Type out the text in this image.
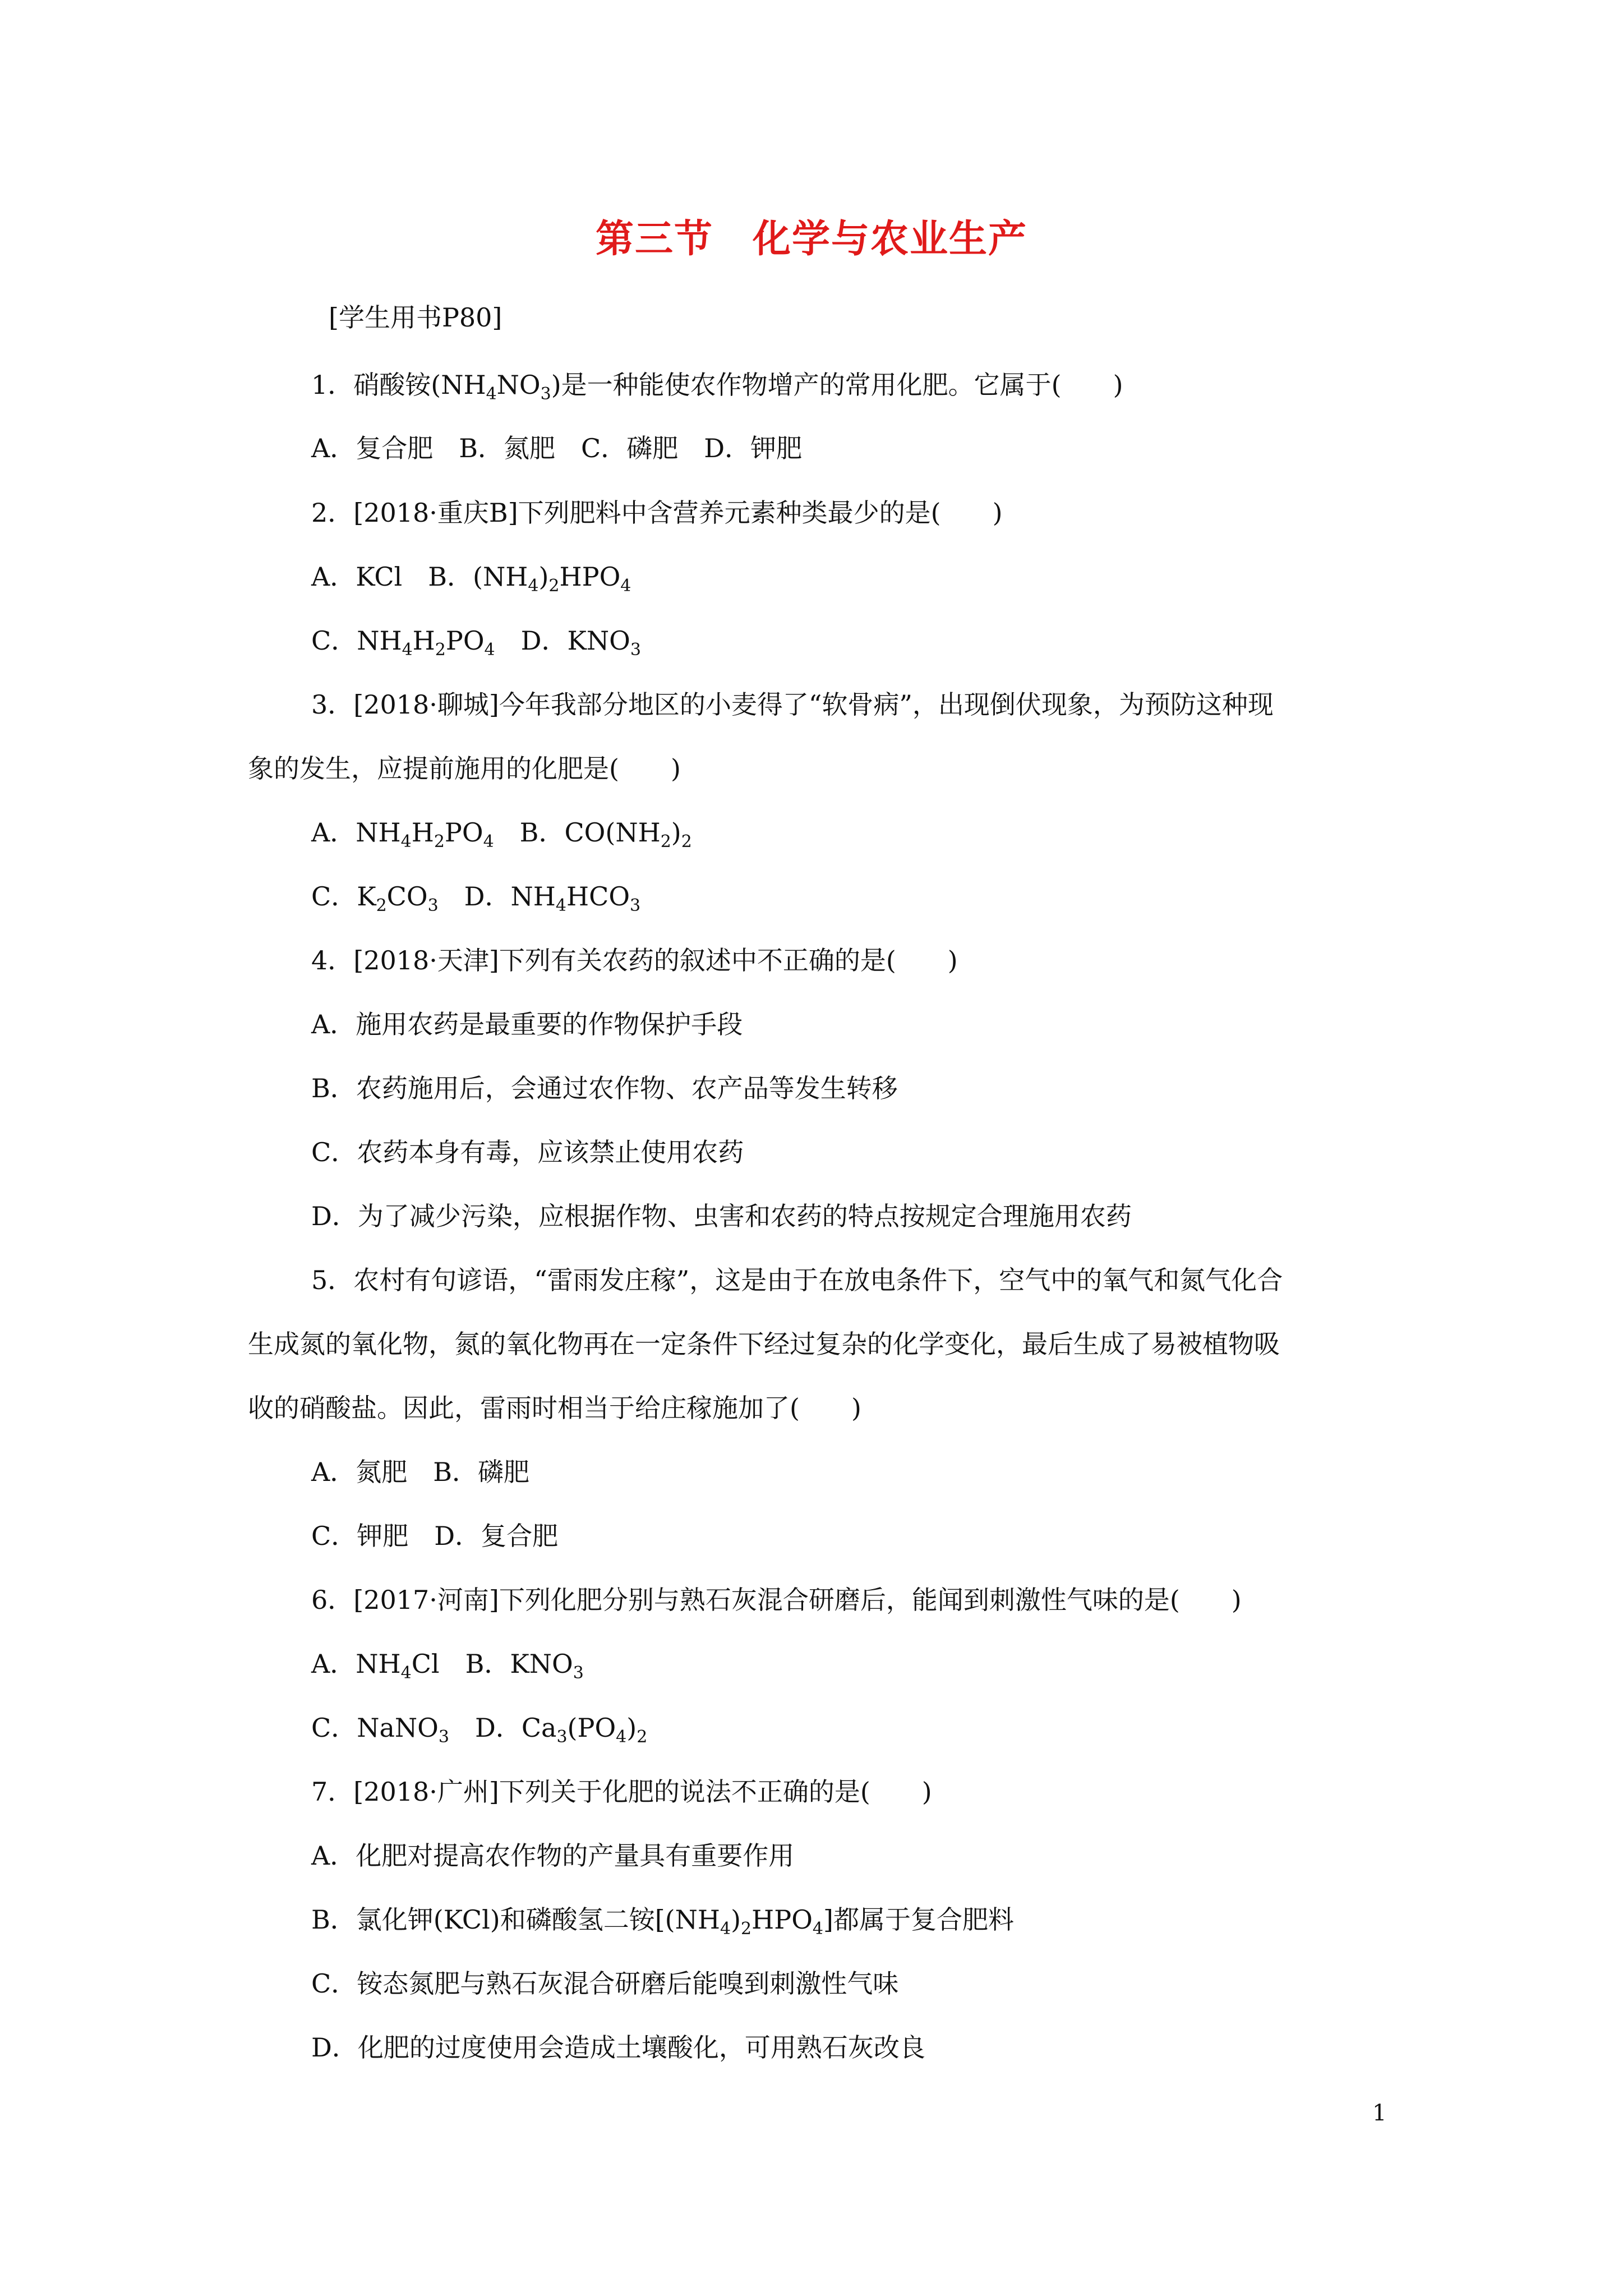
第三节 化学与农业生产
[学生用书P80]
1．硝酸铵$(NH_4NO_3)$是一种能使农作物增产的常用化肥。它属于(　　)
A．复合肥　B．氮肥　C．磷肥　D．钾肥
2．[2018·重庆B]下列肥料中含营养元素种类最少的是(　　)
A．KCl　B．$(NH_4)_2HPO_4$
C．$NH_4H_2PO_4$　D．$KNO_3$
3．[2018·聊城]今年我部分地区的小麦得了“软骨病”，出现倒伏现象，为预防这种现
象的发生，应提前施用的化肥是(　　)
A．$NH_4H_2PO_4$　B．$CO(NH_2)_2$
C．$K_2CO_3$　D．$NH_4HCO_3$
4．[2018·天津]下列有关农药的叙述中不正确的是(　　)
A．施用农药是最重要的作物保护手段
B．农药施用后，会通过农作物、农产品等发生转移
C．农药本身有毒，应该禁止使用农药
D．为了减少污染，应根据作物、虫害和农药的特点按规定合理施用农药
5．农村有句谚语，“雷雨发庄稼”，这是由于在放电条件下，空气中的氧气和氮气化合
生成氮的氧化物，氮的氧化物再在一定条件下经过复杂的化学变化，最后生成了易被植物吸
收的硝酸盐。因此，雷雨时相当于给庄稼施加了(　　)
A．氮肥　B．磷肥
C．钾肥　D．复合肥
6．[2017·河南]下列化肥分别与熟石灰混合研磨后，能闻到刺激性气味的是(　　)
A．$NH_4Cl$　B．$KNO_3$
C．NaNO$_3$　D．$Ca_3(PO_4)_2$
7．[2018·广州]下列关于化肥的说法不正确的是(　　)
A．化肥对提高农作物的产量具有重要作用
B．氯化钾(KCl)和磷酸氢二铵$[(NH_4)_2HPO_4]$都属于复合肥料
C．铵态氮肥与熟石灰混合研磨后能嗅到刺激性气味
D．化肥的过度使用会造成土壤酸化，可用熟石灰改良
1
